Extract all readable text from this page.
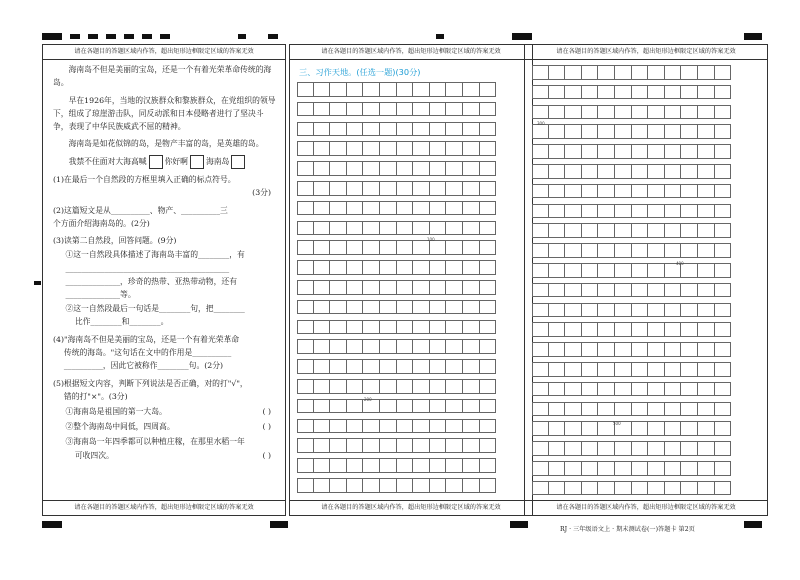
请在各题目的答题区域内作答，超出矩形边框限定区域的答案无效

海南岛不但是美丽的宝岛，还是一个有着光荣革命传统的海岛。

早在1926年，当地的汉族群众和黎族群众，在党组织的领导下，组成了琼崖游击队，同反动派和日本侵略者进行了坚决斗争，表现了中华民族威武不屈的精神。

海南岛是如花似锦的岛，是物产丰富的岛，是英雄的岛。

我禁不住面对大海高喊 你好啊 海南岛

(1)在最后一个自然段的方框里填入正确的标点符号。

(3分)

(2)这篇短文是从__________、物产、__________三
个方面介绍海南岛的。(2分)

(3)读第二自然段，回答问题。(9分)

①这一自然段具体描述了海南岛丰富的________，有
__________________________________________
______________，珍奇的热带、亚热带动物，还有
______________等。

②这一自然段最后一句话是________句，把________
比作________和________。

(4)"海南岛不但是美丽的宝岛，还是一个有着光荣革命
传统的海岛。"这句话在文中的作用是__________
__________，因此它被称作________句。(2分)

(5)根据短文内容，判断下列说法是否正确，对的打"√"，
错的打"×"。(3分)

①海南岛是祖国的第一大岛。	( )

②整个海南岛中间低，四周高。	( )

③海南岛一年四季都可以种植庄稼，在那里水稻一年
可收四次。	( )

请在各题目的答题区域内作答，超出矩形边框限定区域的答案无效
请在各题目的答题区域内作答，超出矩形边框限定区域的答案无效
三、习作天地。(任选一题)(30分)
100
200
请在各题目的答题区域内作答，超出矩形边框限定区域的答案无效
请在各题目的答题区域内作答，超出矩形边框限定区域的答案无效
300
400
500
请在各题目的答题区域内作答，超出矩形边框限定区域的答案无效
RJ · 三年级语文上 · 期末测试卷(一)答题卡 第2页
